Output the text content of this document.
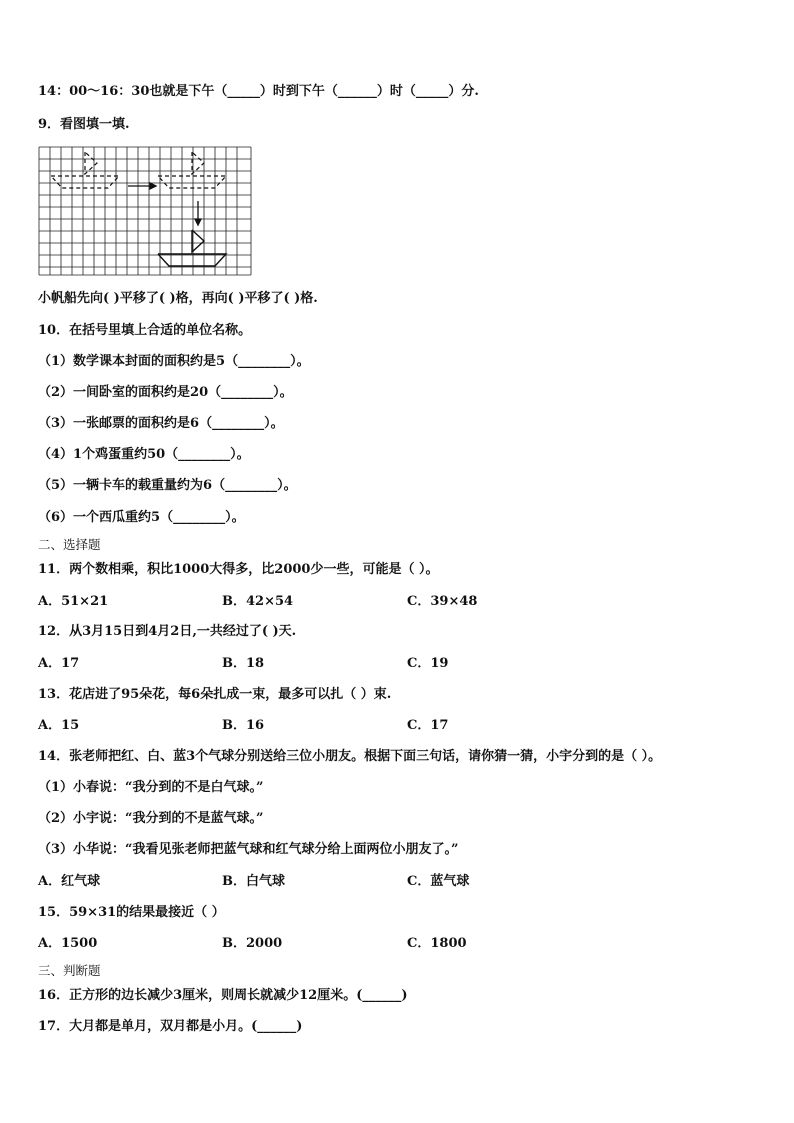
14：00～16：30也就是下午（_____）时到下午（______）时（_____）分.
9．看图填一填.
小帆船先向( )平移了( )格，再向( )平移了( )格.
10．在括号里填上合适的单位名称。
（1）数学课本封面的面积约是5（________）。
（2）一间卧室的面积约是20（________）。
（3）一张邮票的面积约是6（________）。
（4）1个鸡蛋重约50（________）。
（5）一辆卡车的载重量约为6（________）。
（6）一个西瓜重约5（________）。
二、选择题
11．两个数相乘，积比1000大得多，比2000少一些，可能是（ ）。
A．51×21	B．42×54	C．39×48
12．从3月15日到4月2日,一共经过了( )天.
A．17	B．18	C．19
13．花店进了95朵花，每6朵扎成一束，最多可以扎（ ）束.
A．15	B．16	C．17
14．张老师把红、白、蓝3个气球分别送给三位小朋友。根据下面三句话，请你猜一猜，小宇分到的是（ ）。
（1）小春说：“我分到的不是白气球。”
（2）小宇说：“我分到的不是蓝气球。”
（3）小华说：“我看见张老师把蓝气球和红气球分给上面两位小朋友了。”
A．红气球	B．白气球	C．蓝气球
15．59×31的结果最接近（ ）
A．1500	B．2000	C．1800
三、判断题
16．正方形的边长减少3厘米，则周长就减少12厘米。(______)
17．大月都是单月，双月都是小月。(______)
